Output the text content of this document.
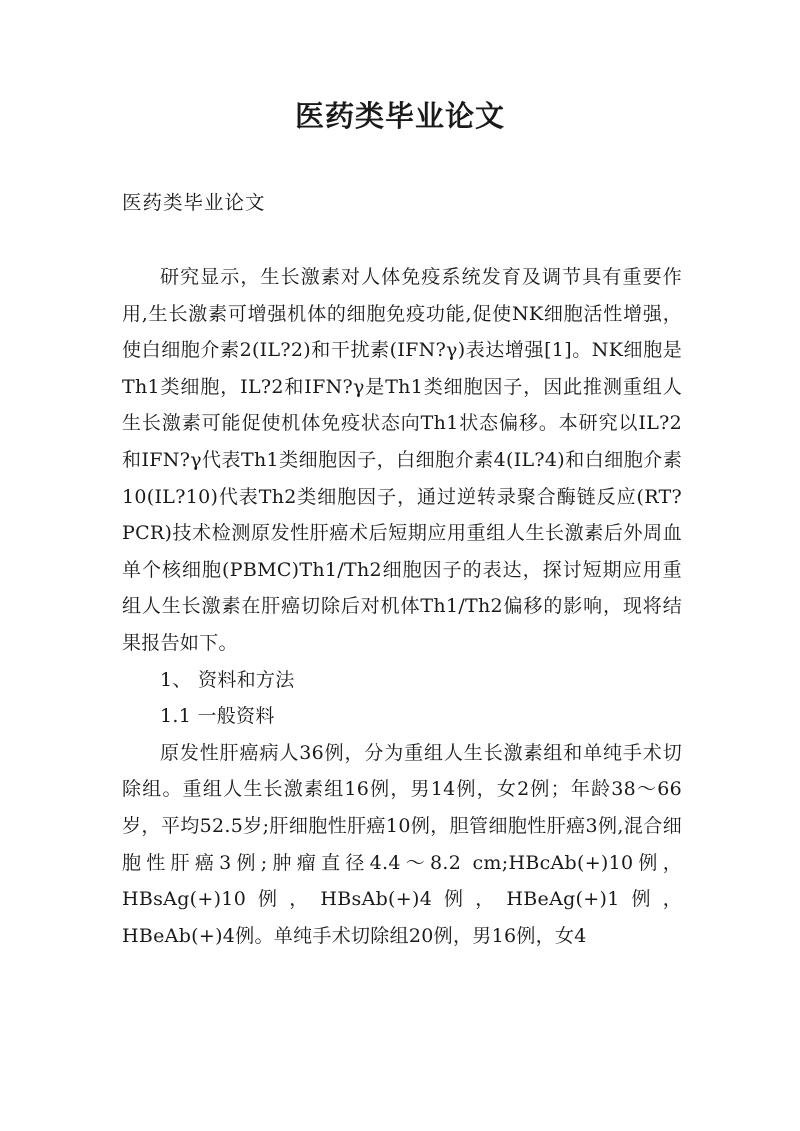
医药类毕业论文

医药类毕业论文

研究显示，生长激素对人体免疫系统发育及调节具有重要作用,生长激素可增强机体的细胞免疫功能,促使NK细胞活性增强，使白细胞介素2(IL?2)和干扰素(IFN?γ)表达增强[1]。NK细胞是Th1类细胞，IL?2和IFN?γ是Th1类细胞因子，因此推测重组人生长激素可能促使机体免疫状态向Th1状态偏移。本研究以IL?2和IFN?γ代表Th1类细胞因子，白细胞介素4(IL?4)和白细胞介素10(IL?10)代表Th2类细胞因子，通过逆转录聚合酶链反应(RT?PCR)技术检测原发性肝癌术后短期应用重组人生长激素后外周血单个核细胞(PBMC)Th1/Th2细胞因子的表达，探讨短期应用重组人生长激素在肝癌切除后对机体Th1/Th2偏移的影响，现将结果报告如下。

1、 资料和方法

1.1 一般资料

原发性肝癌病人36例，分为重组人生长激素组和单纯手术切除组。重组人生长激素组16例，男14例，女2例；年龄38～66岁，平均52.5岁;肝细胞性肝癌10例，胆管细胞性肝癌3例,混合细胞性肝癌3例;肿瘤直径4.4～8.2 cm;HBcAb(+)10例，HBsAg(+)10例，HBsAb(+)4例，HBeAg(+)1例，HBeAb(+)4例。单纯手术切除组20例，男16例，女4
